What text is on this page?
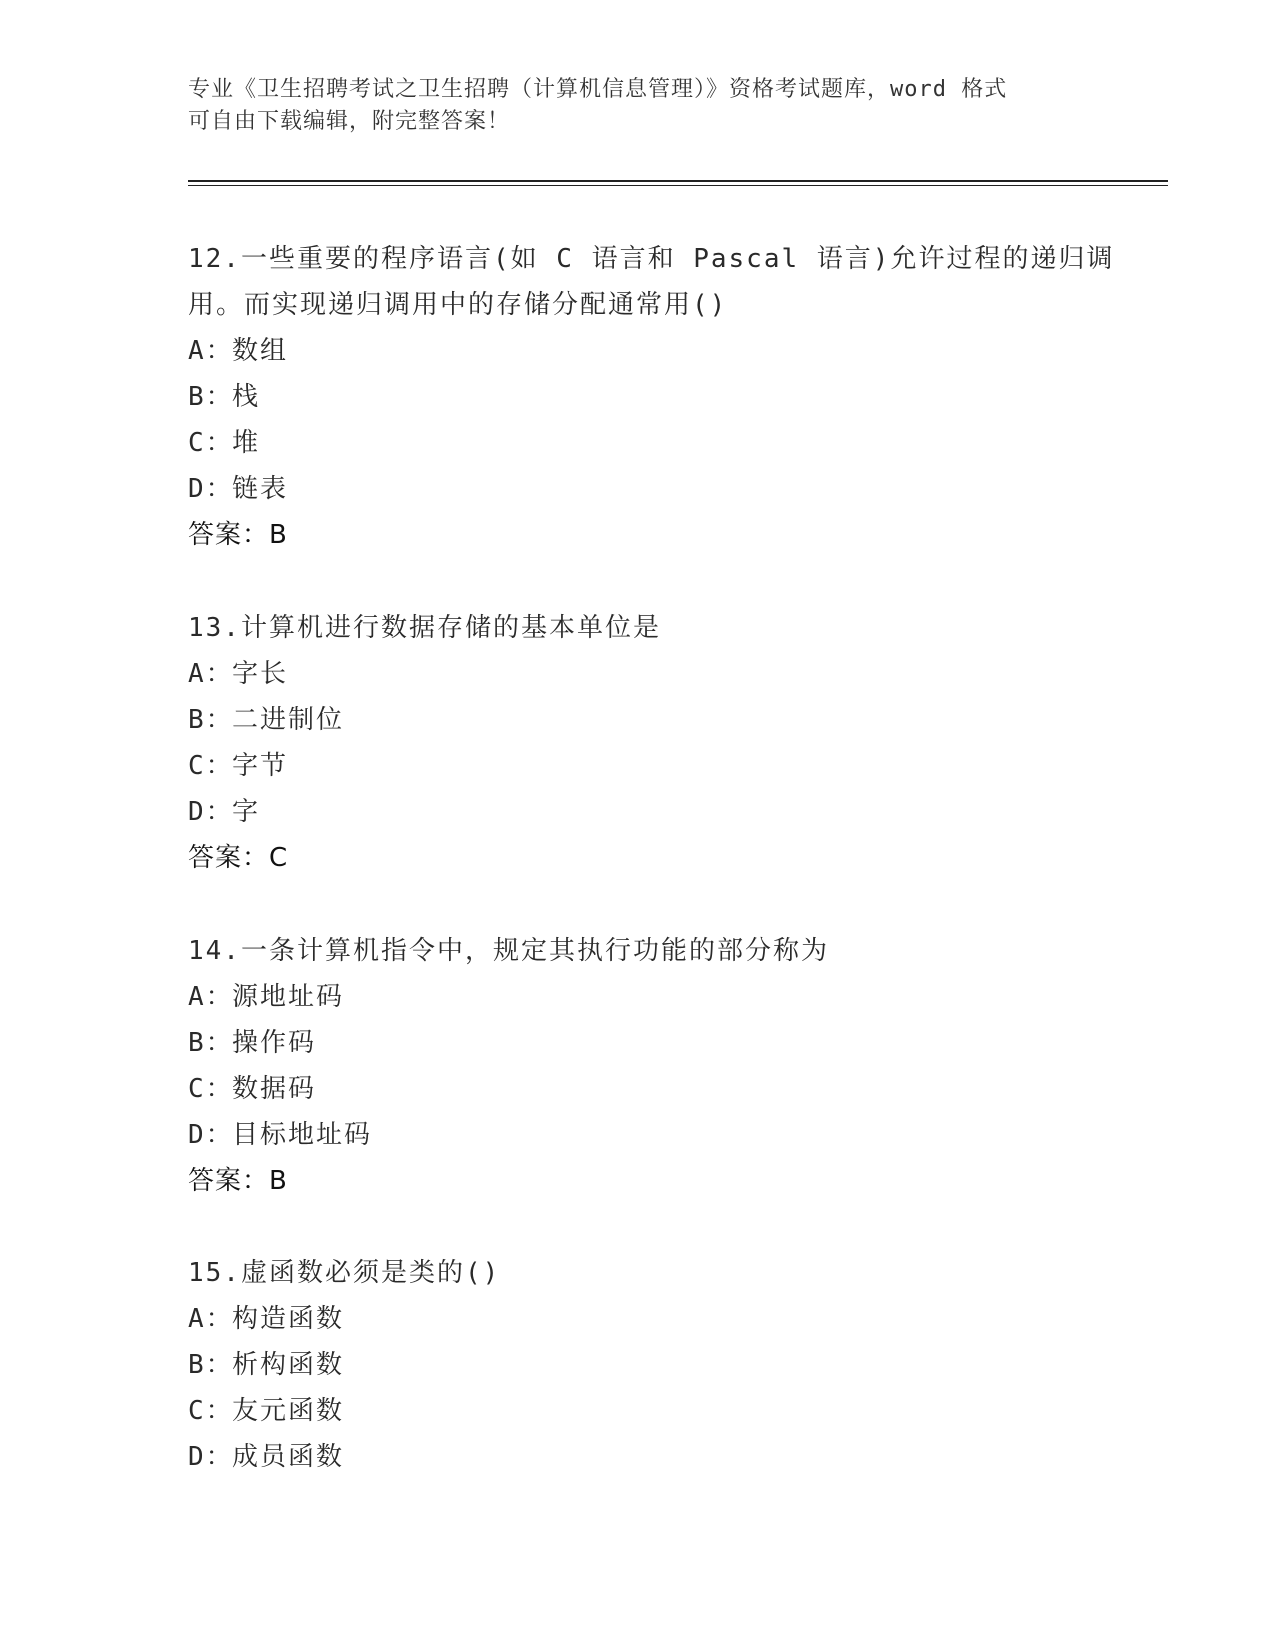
专业《卫生招聘考试之卫生招聘（计算机信息管理）》资格考试题库，word 格式
可自由下载编辑，附完整答案！
12.一些重要的程序语言(如 C 语言和 Pascal 语言)允许过程的递归调
用。而实现递归调用中的存储分配通常用()
A：数组
B：栈
C：堆
D：链表
答案：B
13.计算机进行数据存储的基本单位是
A：字长
B：二进制位
C：字节
D：字
答案：C
14.一条计算机指令中，规定其执行功能的部分称为
A：源地址码
B：操作码
C：数据码
D：目标地址码
答案：B
15.虚函数必须是类的()
A：构造函数
B：析构函数
C：友元函数
D：成员函数
